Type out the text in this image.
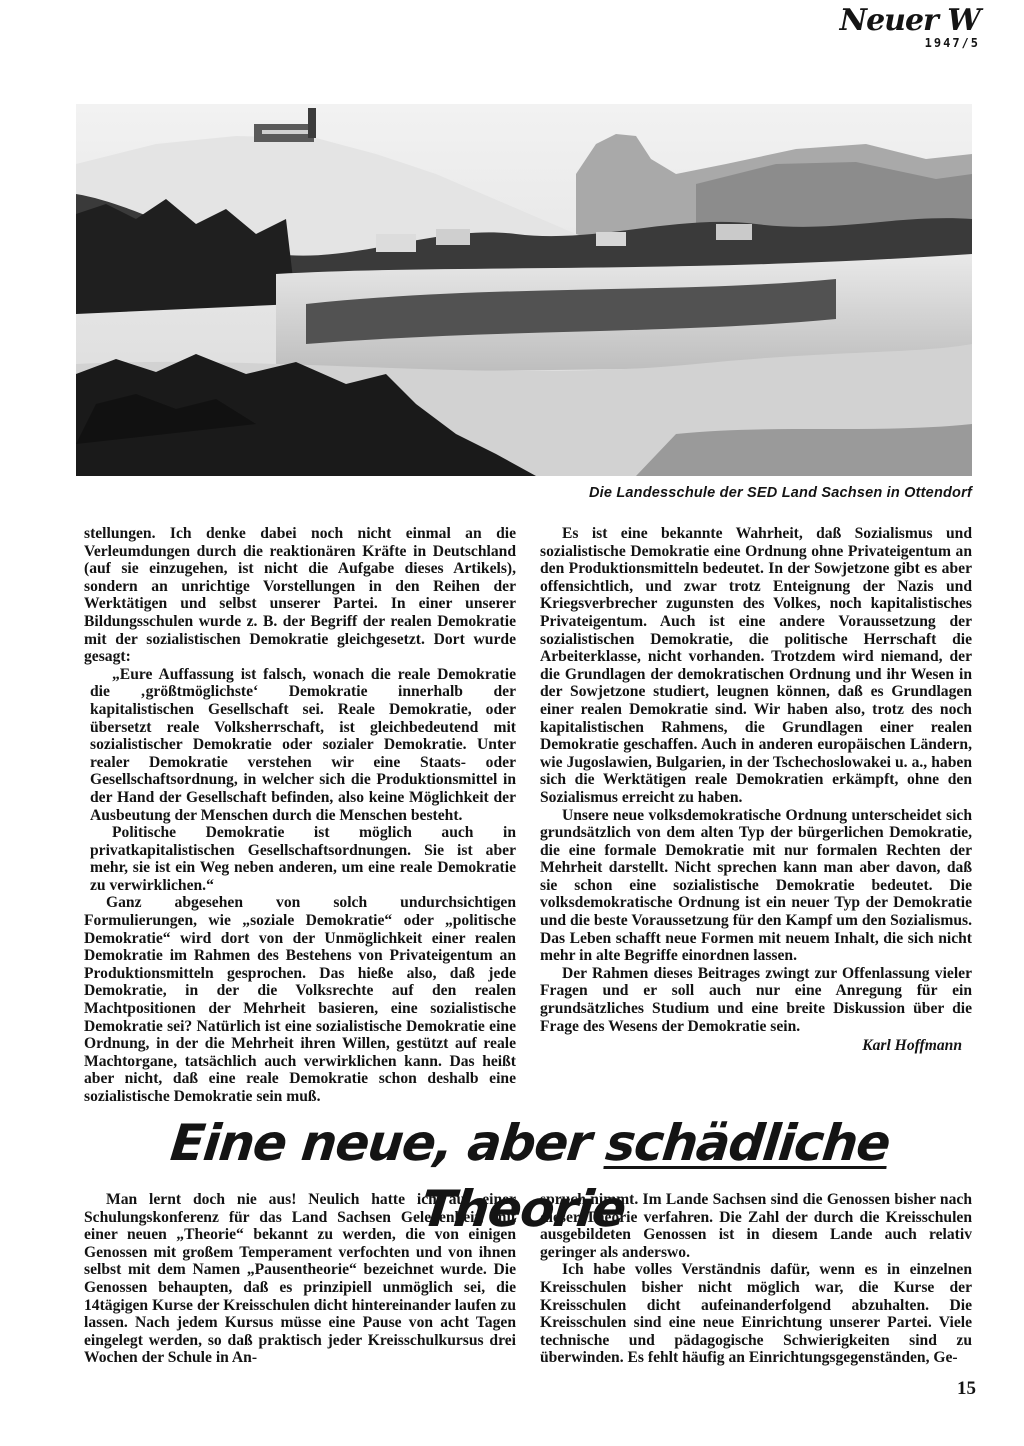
Neuer W
1947/5
Die Landesschule der SED Land Sachsen in Ottendorf

stellungen. Ich denke dabei noch nicht einmal an die Verleumdungen durch die reaktionären Kräfte in Deutschland (auf sie einzugehen, ist nicht die Aufgabe dieses Artikels), sondern an unrichtige Vorstellungen in den Reihen der Werktätigen und selbst unserer Partei. In einer unserer Bildungsschulen wurde z. B. der Begriff der realen Demokratie mit der sozialistischen Demokratie gleichgesetzt. Dort wurde gesagt:

„Eure Auffassung ist falsch, wonach die reale Demokratie die ‚größtmöglichste‘ Demokratie innerhalb der kapitalistischen Gesellschaft sei. Reale Demokratie, oder übersetzt reale Volksherrschaft, ist gleichbedeutend mit sozialistischer Demokratie oder sozialer Demokratie. Unter realer Demokratie verstehen wir eine Staats- oder Gesellschaftsordnung, in welcher sich die Produktionsmittel in der Hand der Gesellschaft befinden, also keine Möglichkeit der Ausbeutung der Menschen durch die Menschen besteht.

Politische Demokratie ist möglich auch in privatkapitalistischen Gesellschaftsordnungen. Sie ist aber mehr, sie ist ein Weg neben anderen, um eine reale Demokratie zu verwirklichen.“

Ganz abgesehen von solch undurchsichtigen Formulierungen, wie „soziale Demokratie“ oder „politische Demokratie“ wird dort von der Unmöglichkeit einer realen Demokratie im Rahmen des Bestehens von Privateigentum an Produktionsmitteln gesprochen. Das hieße also, daß jede Demokratie, in der die Volksrechte auf den realen Machtpositionen der Mehrheit basieren, eine sozialistische Demokratie sei? Natürlich ist eine sozialistische Demokratie eine Ordnung, in der die Mehrheit ihren Willen, gestützt auf reale Machtorgane, tatsächlich auch verwirklichen kann. Das heißt aber nicht, daß eine reale Demokratie schon deshalb eine sozialistische Demokratie sein muß.

Es ist eine bekannte Wahrheit, daß Sozialismus und sozialistische Demokratie eine Ordnung ohne Privateigentum an den Produktionsmitteln bedeutet. In der Sowjetzone gibt es aber offensichtlich, und zwar trotz Enteignung der Nazis und Kriegsverbrecher zugunsten des Volkes, noch kapitalistisches Privateigentum. Auch ist eine andere Voraussetzung der sozialistischen Demokratie, die politische Herrschaft die Arbeiterklasse, nicht vorhanden. Trotzdem wird niemand, der die Grundlagen der demokratischen Ordnung und ihr Wesen in der Sowjetzone studiert, leugnen können, daß es Grundlagen einer realen Demokratie sind. Wir haben also, trotz des noch kapitalistischen Rahmens, die Grundlagen einer realen Demokratie geschaffen. Auch in anderen europäischen Ländern, wie Jugoslawien, Bulgarien, in der Tschechoslowakei u. a., haben sich die Werktätigen reale Demokratien erkämpft, ohne den Sozialismus erreicht zu haben.

Unsere neue volksdemokratische Ordnung unterscheidet sich grundsätzlich von dem alten Typ der bürgerlichen Demokratie, die eine formale Demokratie mit nur formalen Rechten der Mehrheit darstellt. Nicht sprechen kann man aber davon, daß sie schon eine sozialistische Demokratie bedeutet. Die volksdemokratische Ordnung ist ein neuer Typ der Demokratie und die beste Voraussetzung für den Kampf um den Sozialismus. Das Leben schafft neue Formen mit neuem Inhalt, die sich nicht mehr in alte Begriffe einordnen lassen.

Der Rahmen dieses Beitrages zwingt zur Offenlassung vieler Fragen und er soll auch nur eine Anregung für ein grundsätzliches Studium und eine breite Diskussion über die Frage des Wesens der Demokratie sein.

Karl Hoffmann
Eine neue, aber schädliche Theorie

Man lernt doch nie aus! Neulich hatte ich auf einer Schulungskonferenz für das Land Sachsen Gelegenheit, mit einer neuen „Theorie“ bekannt zu werden, die von einigen Genossen mit großem Temperament verfochten und von ihnen selbst mit dem Namen „Pausentheorie“ bezeichnet wurde. Die Genossen behaupten, daß es prinzipiell unmöglich sei, die 14tägigen Kurse der Kreisschulen dicht hintereinander laufen zu lassen. Nach jedem Kursus müsse eine Pause von acht Tagen eingelegt werden, so daß praktisch jeder Kreisschulkursus drei Wochen der Schule in An-

spruch nimmt. Im Lande Sachsen sind die Genossen bisher nach dieser Theorie verfahren. Die Zahl der durch die Kreisschulen ausgebildeten Genossen ist in diesem Lande auch relativ geringer als anderswo.

Ich habe volles Verständnis dafür, wenn es in einzelnen Kreisschulen bisher nicht möglich war, die Kurse der Kreisschulen dicht aufeinanderfolgend abzuhalten. Die Kreisschulen sind eine neue Einrichtung unserer Partei. Viele technische und pädagogische Schwierigkeiten sind zu überwinden. Es fehlt häufig an Einrichtungsgegenständen, Ge-

15
